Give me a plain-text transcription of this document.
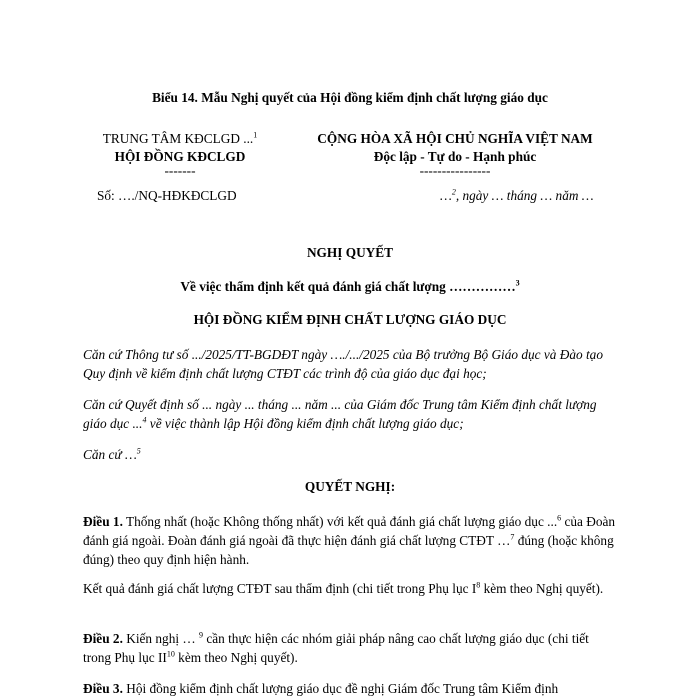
Biểu 14. Mẫu Nghị quyết của Hội đồng kiểm định chất lượng giáo dục
TRUNG TÂM KĐCLGD ...$^1$
HỘI ĐỒNG KĐCLGD
-------
Số: …./NQ-HĐKĐCLGD
CỘNG HÒA XÃ HỘI CHỦ NGHĨA VIỆT NAM
Độc lập - Tự do - Hạnh phúc
----------------
…$^2$, ngày … tháng … năm …
NGHỊ QUYẾT
Về việc thẩm định kết quả đánh giá chất lượng ……………$^3$
HỘI ĐỒNG KIỂM ĐỊNH CHẤT LƯỢNG GIÁO DỤC
Căn cứ Thông tư số .../2025/TT-BGDĐT ngày …./.../2025 của Bộ trưởng Bộ Giáo dục và Đào tạo Quy định về kiểm định chất lượng CTĐT các trình độ của giáo dục đại học;
Căn cứ Quyết định số ... ngày ... tháng ... năm ... của Giám đốc Trung tâm Kiểm định chất lượng giáo dục ...$^4$ về việc thành lập Hội đồng kiểm định chất lượng giáo dục;
Căn cứ …$^5$
QUYẾT NGHỊ:
Điều 1. Thống nhất (hoặc Không thống nhất) với kết quả đánh giá chất lượng giáo dục ...$^6$ của Đoàn đánh giá ngoài. Đoàn đánh giá ngoài đã thực hiện đánh giá chất lượng CTĐT …$^7$ đúng (hoặc không đúng) theo quy định hiện hành.
Kết quả đánh giá chất lượng CTĐT sau thẩm định (chi tiết trong Phụ lục $I^8$ kèm theo Nghị quyết).
Điều 2. Kiến nghị … $^9$ cần thực hiện các nhóm giải pháp nâng cao chất lượng giáo dục (chi tiết trong Phụ lục II$^{10}$ kèm theo Nghị quyết).
Điều 3. Hội đồng kiểm định chất lượng giáo dục đề nghị Giám đốc Trung tâm Kiểm định
